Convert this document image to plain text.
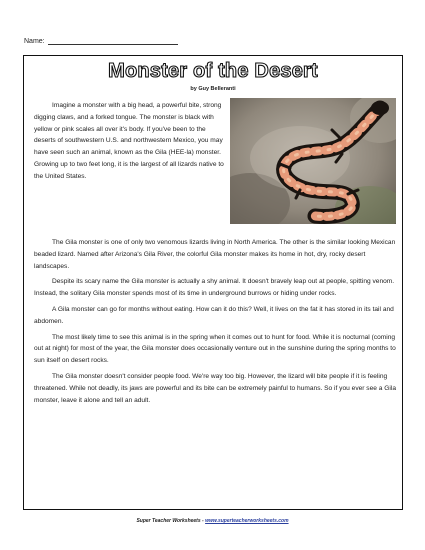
Name:
Monster of the Desert
by Guy Belleranti

Imagine a monster with a big head, a powerful bite, strong digging claws, and a forked tongue. The monster is black with yellow or pink scales all over it's body. If you've been to the deserts of southwestern U.S. and northwestern Mexico, you may have seen such an animal, known as the Gila (HEE-la) monster. Growing up to two feet long, it is the largest of all lizards native to the United States.

The Gila monster is one of only two venomous lizards living in North America. The other is the similar looking Mexican beaded lizard. Named after Arizona's Gila River, the colorful Gila monster makes its home in hot, dry, rocky desert landscapes.

Despite its scary name the Gila monster is actually a shy animal. It doesn't bravely leap out at people, spitting venom. Instead, the solitary Gila monster spends most of its time in underground burrows or hiding under rocks.

A Gila monster can go for months without eating. How can it do this? Well, it lives on the fat it has stored in its tail and abdomen.

The most likely time to see this animal is in the spring when it comes out to hunt for food. While it is nocturnal (coming out at night) for most of the year, the Gila monster does occasionally venture out in the sunshine during the spring months to sun itself on desert rocks.

The Gila monster doesn't consider people food. We're way too big. However, the lizard will bite people if it is feeling threatened. While not deadly, its jaws are powerful and its bite can be extremely painful to humans. So if you ever see a Gila monster, leave it alone and tell an adult.

Super Teacher Worksheets - www.superteacherworksheets.com
